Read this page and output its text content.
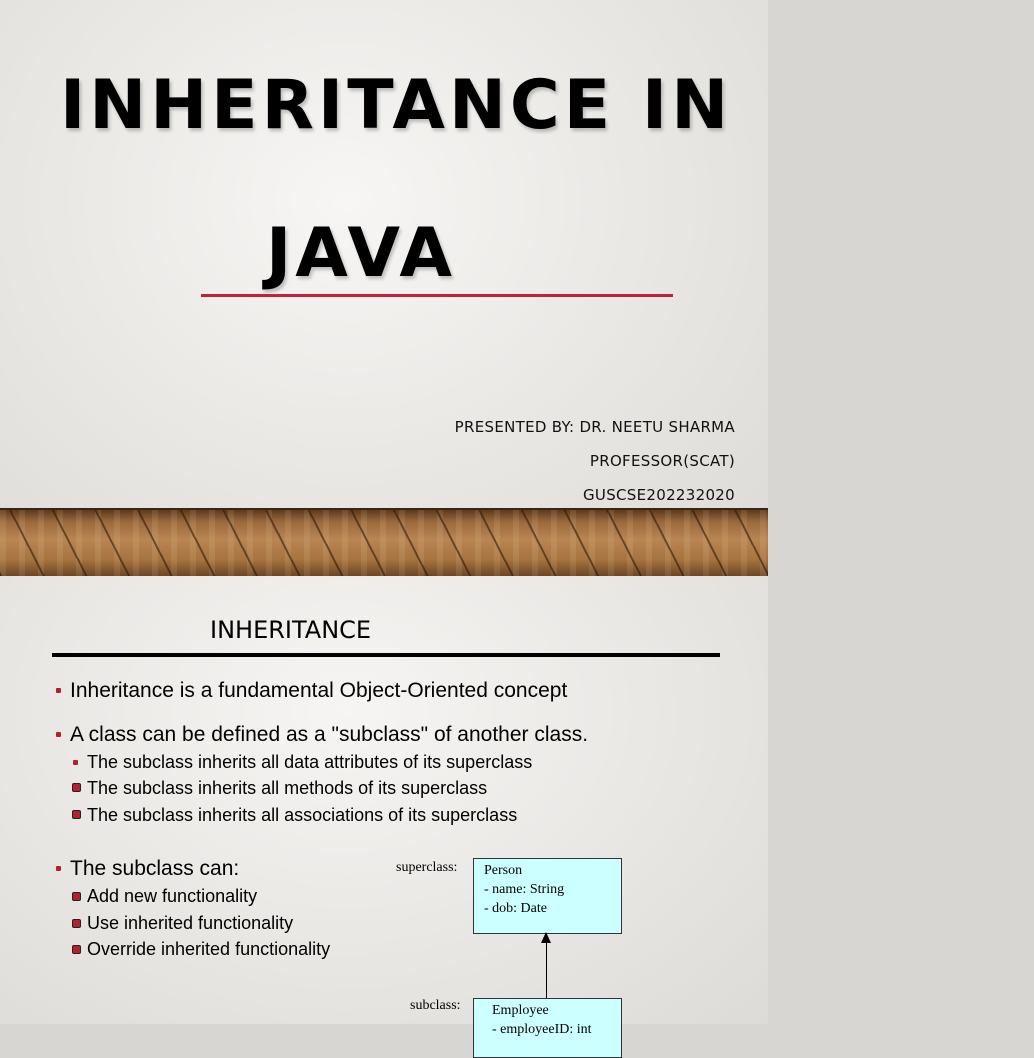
INHERITANCE IN
JAVA

PRESENTED BY: DR. NEETU SHARMA

PROFESSOR(SCAT)

GUSCSE202232020

INHERITANCE
Inheritance is a fundamental Object-Oriented concept
A class can be defined as a "subclass" of another class.
The subclass inherits all data attributes of its superclass
The subclass inherits all methods of its superclass
The subclass inherits all associations of its superclass
The subclass can:
Add new functionality
Use inherited functionality
Override inherited functionality
superclass: Person
- name: String
- dob: Date
subclass: Employee
- employeeID: int
